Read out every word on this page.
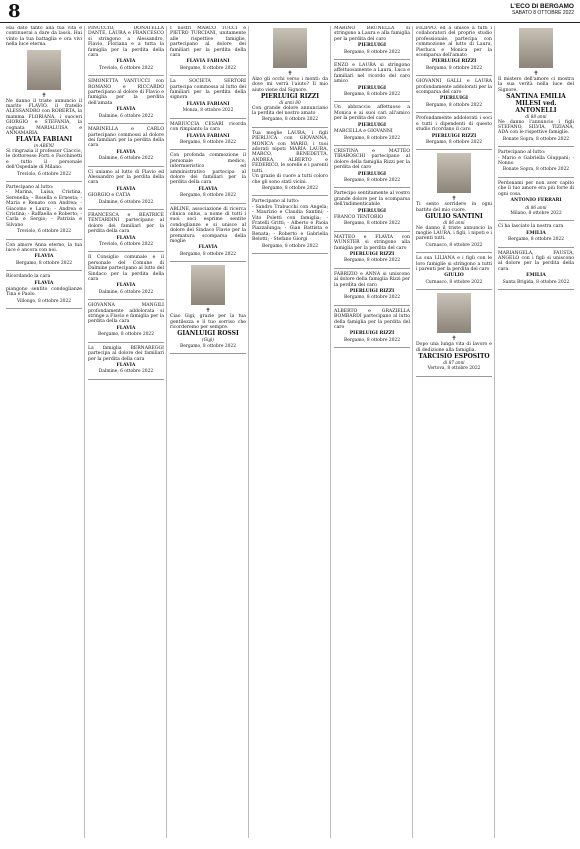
8	L'ECO DI BERGAMO
SABATO 8 OTTOBRE 2022
Hai dato tanto alla tua vita e continuerai a dare da lassù. Hai vinto la tua battaglia e ora vivi nella luce eterna.
✝
Ne danno il triste annuncio il marito FLAVIO, il fratello ALESSANDRO con ROBERTA, la mamma FLORIANA, i suoceri GIORGIO e STEFANIA, la cognata MARIALUISA e ANNAMARIA.
FLAVIA FABIANI
in ABENI
Si ringrazia il professor Ciaccio, le dottoresse Forti e Facchinetti e tutto il personale dell'Ospedale di Milano.
Treviolo, 6 ottobre 2022
Partecipano al lutto:
- Marina, Luisa, Cristina, Serenella; - Rosella e Ernesta; - Maria e Renato con Andrea; - Giacomo e Laura; - Andrea e Cristina; - Raffaella e Roberto; - Carla e Sergio; - Patrizia e Silvano
Treviolo, 6 ottobre 2022
Con amore Anna eterno, la tua luce è ancora con noi.
FLAVIA
Bergamo, 8 ottobre 2022
Ricordando la cara
FLAVIA
piangono sentito condoglianze Tina e Paolo.
Villongo, 8 ottobre 2022
PINUCCIO, DONATELLA DANTE, LAURA e FRANCESCO si stringono a Alessandro, Flavio, Floriana e a tutta la famiglia per la perdita della cara
FLAVIA
Treviolo, 6 ottobre 2022
SIMONETTA VANTUCCI con ROMANO e RICCARDO partecipano al dolore di Flavio e famiglia per la perdita dell'amata
FLAVIA
Dalmine, 6 ottobre 2022
MARINELLA e CARLO partecipano commossi al dolore dei familiari per la perdita della cara
FLAVIA
Dalmine, 6 ottobre 2022
Ci uniamo al lutto di Flavio ed Alessandro per la perdita della cara
FLAVIA
GIORGIO e CATIA
Dalmine, 6 ottobre 2022
FRANCESCA e BEATRICE TENTARDINI partecipano al dolore dei familiari per la perdita della cara
FLAVIA
Treviolo, 6 ottobre 2022
Il Consiglio comunale e il personale del Comune di Dalmine partecipano al lutto del Sindaco per la perdita della cara
FLAVIA
Dalmine, 6 ottobre 2022
GIOVANNA MANGILI profondamente addolorata si stringe a Flavio e famiglia per la perdita della cara
FLAVIA
Bergamo, 8 ottobre 2022
La famiglia BERNAREGGI partecipa al dolore dei familiari per la perdita della cara
FLAVIA
Dalmine, 6 ottobre 2022
I nostri MARCO TUCCI e PIETRO TURCIANI, unitamente alle rispettive famiglie, partecipano al dolore dei familiari per la perdita della cara
FLAVIA FABIANI
Bergamo, 8 ottobre 2022
La SOCIETÀ SERTORI partecipa commossa al lutto dei familiari per la perdita della signora
FLAVIA FABIANI
Monza, 8 ottobre 2022
MARIUCCIA CESARI ricorda con rimpianto la cara
FLAVIA FABIANI
Bergamo, 8 ottobre 2022
Con profonda commozione il personale medico, infermieristico ed amministrativo partecipa al dolore dei familiari per la perdita della cara
FLAVIA
Bergamo, 8 ottobre 2022
ABLINE, associazione di ricerca clinica onlus, a nome di tutti i suoi soci esprime sentite condoglianze e si unisce al dolore del Sindaco Flavio per la prematura scomparsa della moglie
FLAVIA
Bergamo, 8 ottobre 2022
✝
Ciao Gigi, grazie per la tua gentilezza e il tuo sorriso che ricorderemo per sempre.
GIANLUIGI ROSSI
(Gigi)
Bergamo, 8 ottobre 2022
✝
Alzo gli occhi verso i monti: da dove mi verrà l'aiuto? Il mio aiuto viene dal Signore.
PIERLUIGI RIZZI
di anni 80
Con grande dolore annunciano la perdita del nostro amato
Bergamo, 8 ottobre 2022
Tua moglie LAURA, i figli PIERLUCA con GIOVANNA, MONICA con MARIO, i tuoi adorati nipoti MARIA LAURA, MARCO, BENEDETTA, ANDREA, ALBERTO e FEDERICO, le sorelle e i parenti tutti.
Un grazie di cuore a tutti coloro che gli sono stati vicini.
Bergamo, 8 ottobre 2022
Partecipano al lutto:
- Sandro Trabucchi con Angela; - Maurizio e Claudia Santini; - Vito Poletti con famiglia; - Fratelli Gritti; - Alberto e Paola Piazzalunga; - Gian Battista e Renata; - Roberto e Gabriella Belotti; - Stefano Giorgi
Bergamo, 8 ottobre 2022
MARINO BRUNELLA si stringono a Laura e alla famiglia per la perdita del caro
PIERLUIGI
Bergamo, 8 ottobre 2022
ENZO e LAURA si stringono affettuosamente a Laura, Luca e familiari nel ricordo del caro amico
PIERLUIGI
Bergamo, 8 ottobre 2022
Un abbraccio affettuoso a Monica e ai suoi cari all'amico per la perdita del caro
PIERLUIGI
MARCELLA e GIOVANNI
Bergamo, 8 ottobre 2022
CRISTINA e MATTEO TIRABOSCHI partecipano al dolore della famiglia Rizzi per la perdita del caro
PIERLUIGI
Bergamo, 8 ottobre 2022
Partecipo sentitamente al vostro grande dolore per la scomparsa dell'indimenticabile
PIERLUIGI
FRANCO TENTORIO
Bergamo, 8 ottobre 2022
MATTEO e FLAVIA con WUNSTER si stringono alla famiglia per la perdita del caro
PIERLUIGI RIZZI
Bergamo, 8 ottobre 2022
FABRIZIO e ANNA si uniscono al dolore della famiglia Rizzi per la perdita del caro
PIERLUIGI RIZZI
Bergamo, 8 ottobre 2022
ALBERTO e GRAZIELLA BOMBARDI partecipano al lutto della famiglia per la perdita del caro
PIERLUIGI RIZZI
Bergamo, 8 ottobre 2022
FILIPPO, ed a unisce a tutti i collaboratori del proprio studio professionale, partecipa con commozione al lutto di Laura, Pierluca e Monica per la scomparsa dell'amato
PIERLUIGI RIZZI
Bergamo, 8 ottobre 2022
GIOVANNI GALLI e LAURA profondamente addolorati per la scomparsa del caro
PIERLUIGI
Bergamo, 8 ottobre 2022
Profondamente addolorati i soci e tutti i dipendenti di questo studio ricordano il caro
PIERLUIGI RIZZI
Bergamo, 8 ottobre 2022
✝
Ti sento sorridere in ogni battito del mio cuore.
GIULIO SANTINI
di 86 anni
Ne danno il triste annuncio la moglie LAURA, i figli, i nipoti e i parenti tutti.
Curnasco, 8 ottobre 2022
La sua LILIANA e i figli con le loro famiglie si stringono a tutti i parenti per la perdita del caro
GIULIO
Curnasco, 8 ottobre 2022
✝
Dopo una lunga vita di lavoro e di dedizione alla famiglia.
TARCISIO ESPOSITO
di 87 anni
Vertova, 8 ottobre 2022
✝
Il mistero dell'amore ci mostra la sua verità nella luce del Signore.
SANTINA EMILIA MILESI ved. ANTONELLI
di 88 anni
Ne danno l'annuncio i figli STEFANO, SILVIA, TIZIANA, ADA con le rispettive famiglie.
Bonate Sopra, 8 ottobre 2022
Partecipano al lutto:
- Mario e Gabriella Giuppani; - Nonno
Bonate Sopra, 8 ottobre 2022
Perdonami per non aver capito che il tuo amore era più forte di ogni cosa.
ANTONIO FERRARI
di 86 anni
Milano, 8 ottobre 2022
Ci ha lasciato la nostra cara
EMILIA
Bergamo, 8 ottobre 2022
MARIANGELA, FAUSTA, ANGELO con i figli si uniscono al dolore per la perdita della cara
EMILIA
Santa Brigida, 8 ottobre 2022
